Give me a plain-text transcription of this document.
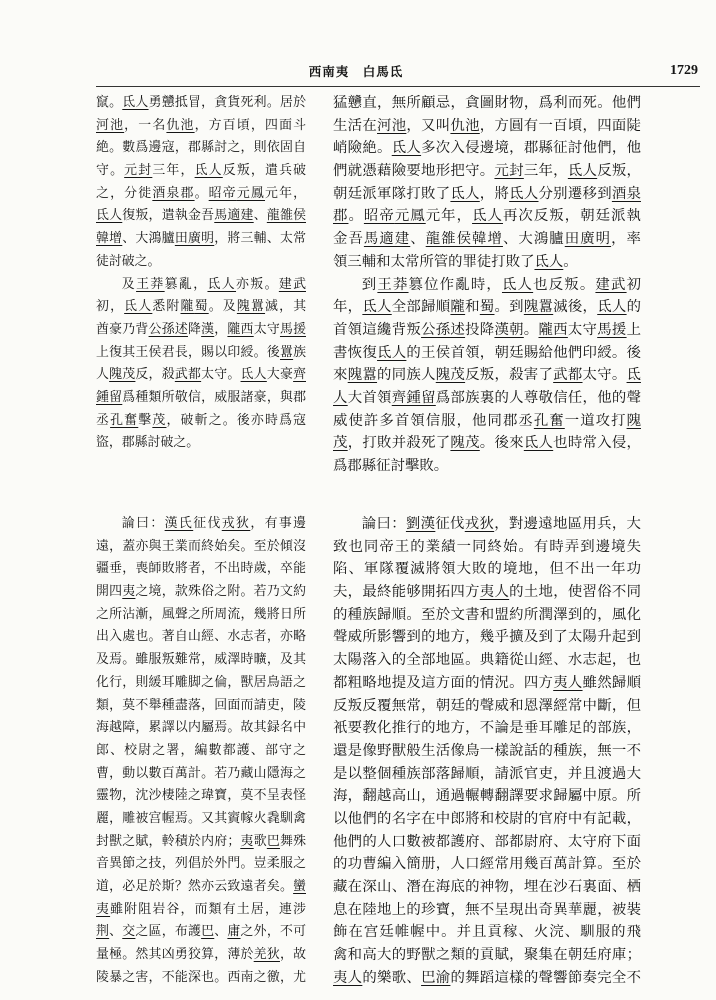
西南夷　白馬氐	1729
竄。氐人勇戇抵冒，貪貨死利。居於
河池，一名仇池，方百頃，四面斗
絶。數爲邊寇，郡縣討之，則依固自
守。元封三年，氐人反叛，遣兵破
之，分徙酒泉郡。昭帝元鳳元年，
氐人復叛，遣執金吾馬適建、龍雒侯
韓增、大鴻臚田廣明，將三輔、太常
徒討破之。
及王莽篡亂，氐人亦叛。建武
初，氐人悉附隴蜀。及隗囂滅，其
酋豪乃背公孫述降漢，隴西太守馬援
上復其王侯君長，賜以印綬。後囂族
人隗茂反，殺武都太守。氐人大豪齊
鍾留爲種類所敬信，威服諸豪，與郡
丞孔奮擊茂，破斬之。後亦時爲寇
盜，郡縣討破之。
猛戇直，無所顧忌，貪圖財物，爲利而死。他們
生活在河池，又叫仇池，方圓有一百頃，四面陡
峭險絶。氐人多次入侵邊境，郡縣征討他們，他
們就憑藉險要地形把守。元封三年，氐人反叛，
朝廷派軍隊打敗了氐人，將氐人分别遷移到酒泉
郡。昭帝元鳳元年，氐人再次反叛，朝廷派執
金吾馬適建、龍雒侯韓增、大鴻臚田廣明，率
領三輔和太常所管的罪徒打敗了氐人。
到王莽篡位作亂時，氐人也反叛。建武初
年，氐人全部歸順隴和蜀。到隗囂滅後，氐人的
首領這纔背叛公孫述投降漢朝。隴西太守馬援上
書恢復氐人的王侯首領，朝廷賜給他們印綬。後
來隗囂的同族人隗茂反叛，殺害了武都太守。氐
人大首領齊鍾留爲部族裏的人尊敬信任，他的聲
威使許多首領信服，他同郡丞孔奮一道攻打隗
茂，打敗并殺死了隗茂。後來氐人也時常入侵，
爲郡縣征討擊敗。
論曰：漢氏征伐戎狄，有事邊
遠，蓋亦與王業而終始矣。至於傾沒
疆垂，喪師敗將者，不出時歲，卒能
開四夷之境，款殊俗之附。若乃文約
之所沾漸，風聲之所周流，幾將日所
出入處也。著自山經、水志者，亦略
及焉。雖服叛難常，威澤時曠，及其
化行，則緩耳雕脚之倫，獸居鳥語之
類，莫不舉種盡落，回面而請吏，陵
海越障，累譯以内屬焉。故其録名中
郎、校尉之署，編數都護、部守之
曹，動以數百萬計。若乃藏山隱海之
靈物，沈沙棲陸之瑋寶，莫不呈表怪
麗，雕被宫幄焉。又其賨幏火毳馴禽
封獸之賦，軨積於内府；夷歌巴舞殊
音異節之技，列倡於外門。豈柔服之
道，必足於斯？然亦云致遠者矣。蠻
夷雖附阻岩谷，而類有土居，連涉
荆、交之區，布護巴、庸之外，不可
量極。然其凶勇狡算，薄於羌狄，故
陵暴之害，不能深也。西南之徼，尤
論曰：劉漢征伐戎狄，對邊遠地區用兵，大
致也同帝王的業績一同終始。有時弄到邊境失
陷、軍隊覆滅將領大敗的境地，但不出一年功
夫，最終能够開拓四方夷人的土地，使習俗不同
的種族歸順。至於文書和盟約所潤澤到的，風化
聲威所影響到的地方，幾乎擴及到了太陽升起到
太陽落入的全部地區。典籍從山經、水志起，也
都粗略地提及這方面的情況。四方夷人雖然歸順
反叛反覆無常，朝廷的聲威和恩澤經常中斷，但
衹要教化推行的地方，不論是垂耳雕足的部族，
還是像野獸般生活像鳥一樣說話的種族，無一不
是以整個種族部落歸順，請派官吏，并且渡過大
海，翻越高山，通過輾轉翻譯要求歸屬中原。所
以他們的名字在中郎將和校尉的官府中有記載，
他們的人口數被都護府、部都尉府、太守府下面
的功曹編入簡册，人口經常用幾百萬計算。至於
藏在深山、潛在海底的神物，埋在沙石裏面、栖
息在陸地上的珍寶，無不呈現出奇異華麗，被裝
飾在宫廷帷幄中。并且貢稼、火浣、馴服的飛
禽和高大的野獸之類的貢賦，聚集在朝廷府庫；
夷人的樂歌、巴渝的舞蹈這樣的聲響節奏完全不
